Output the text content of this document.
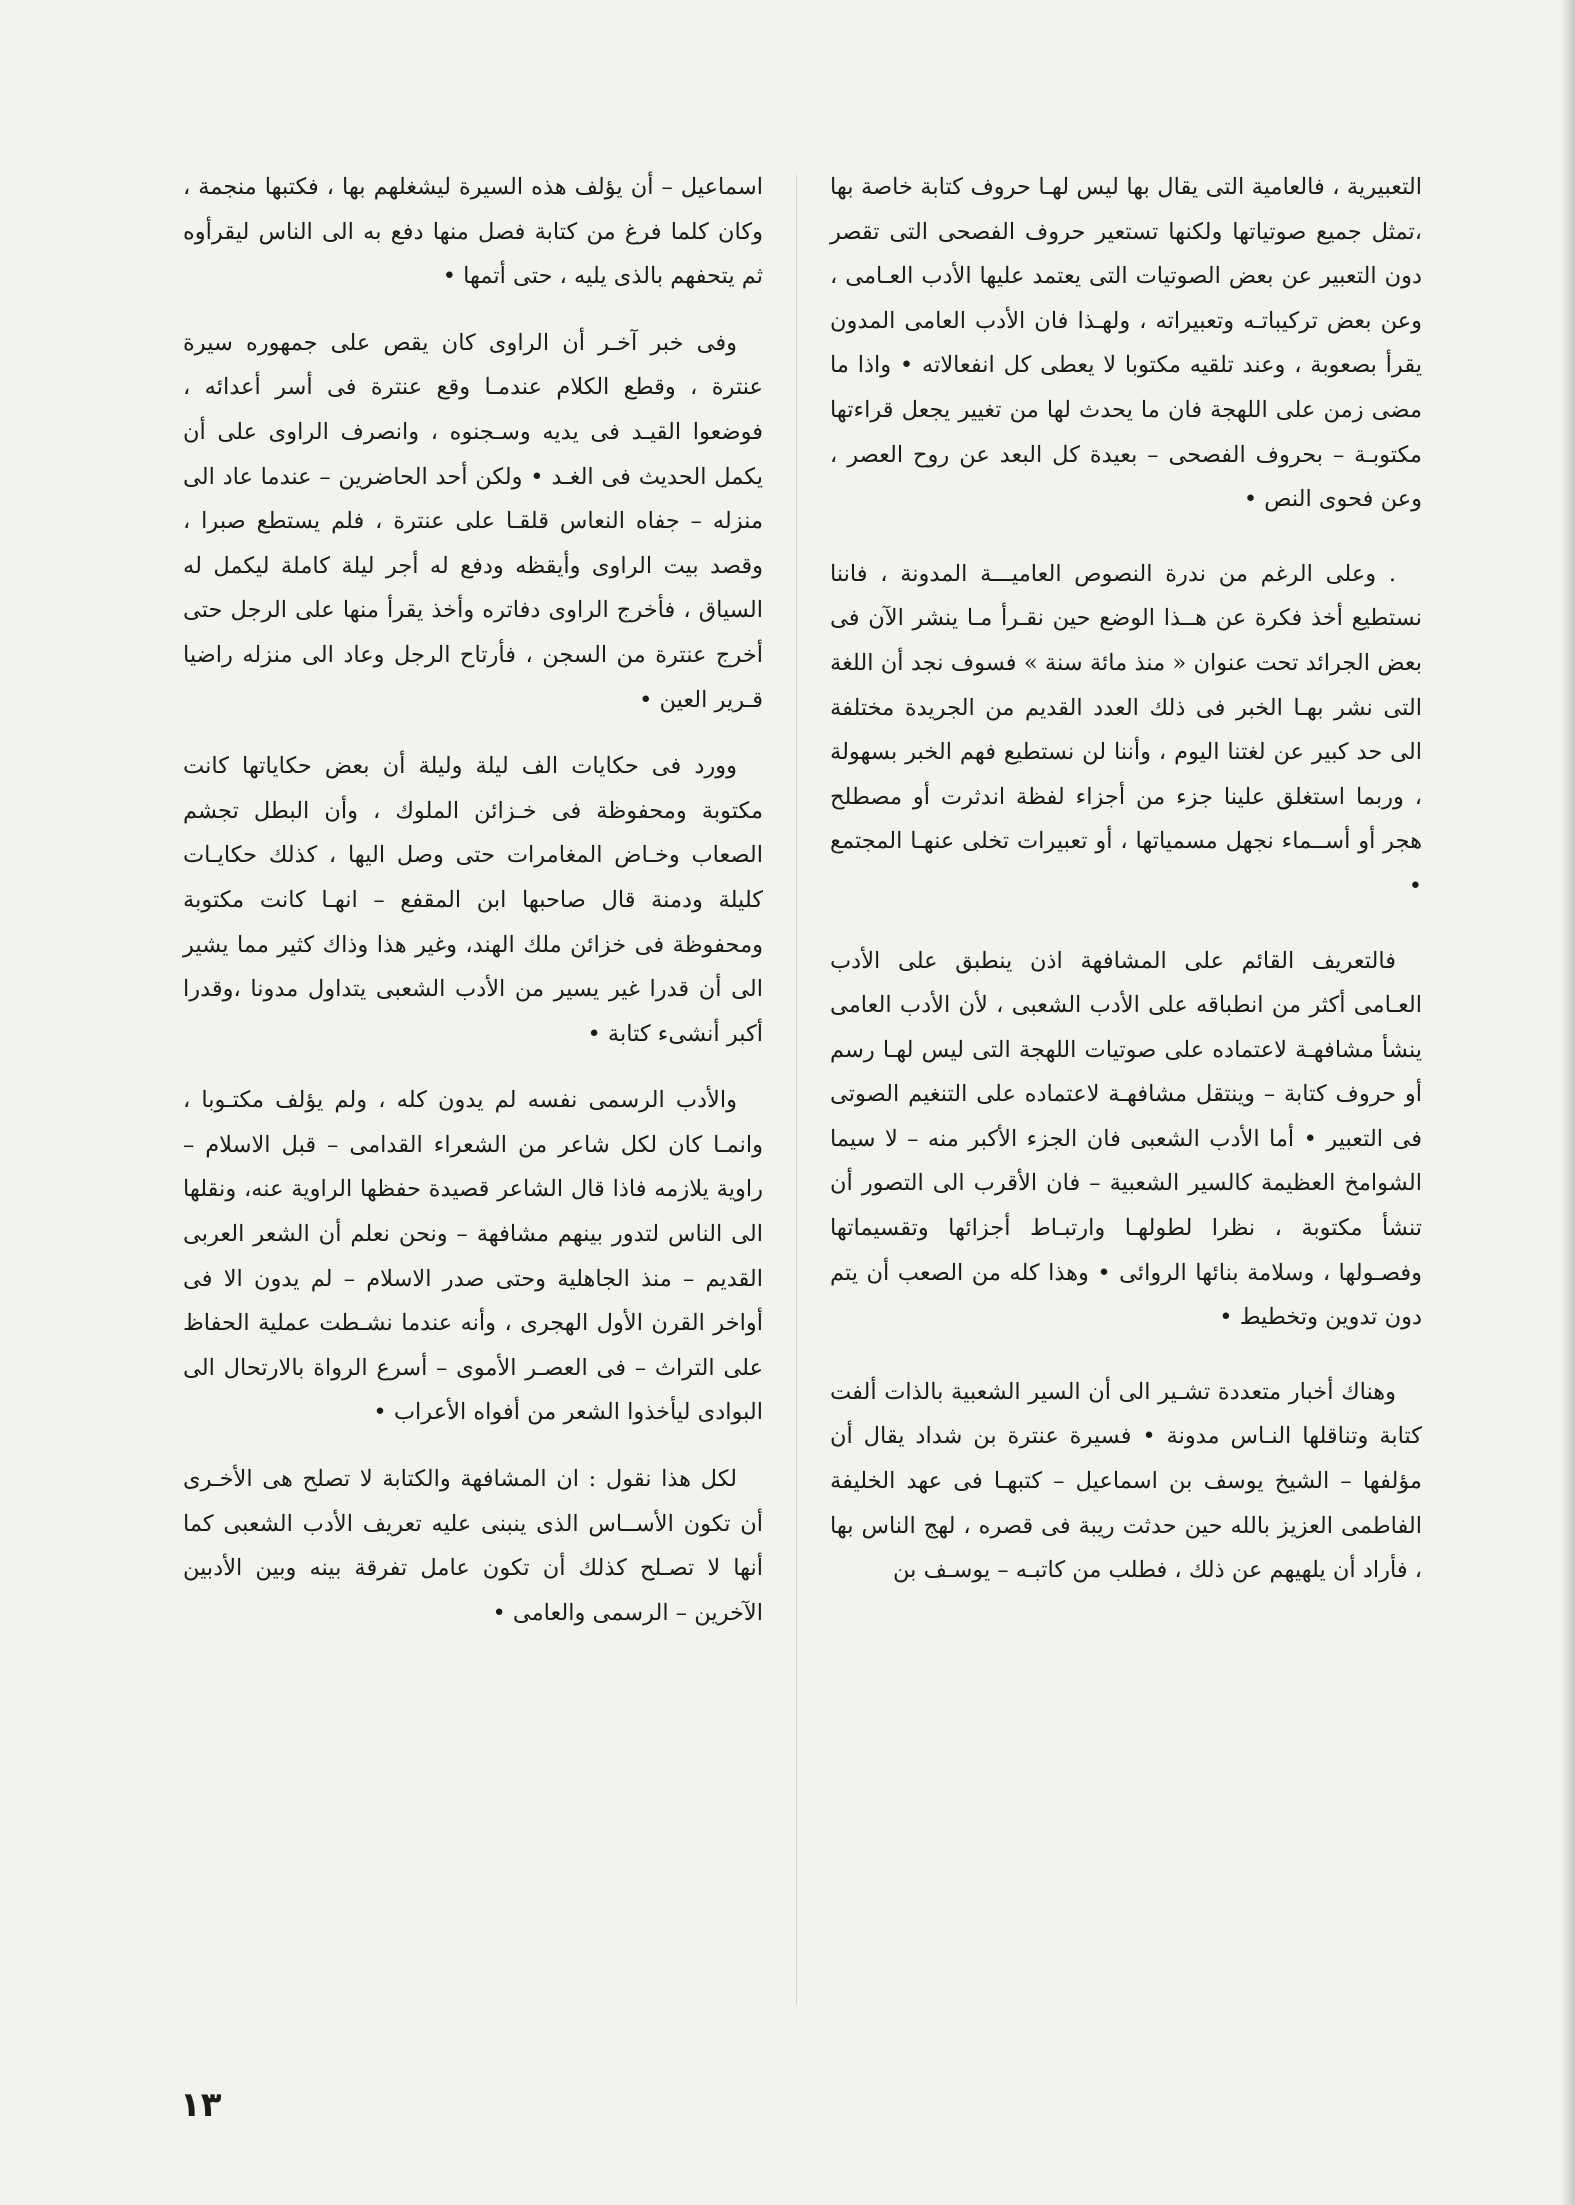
التعبيرية ، فالعامية التى يقال بها ليس لهـا حروف كتابة خاصة بها ،تمثل جميع صوتياتها ولكنها تستعير حروف الفصحى التى تقصر دون التعبير عن بعض الصوتيات التى يعتمد عليها الأدب العـامى ، وعن بعض تركيباتـه وتعبيراته ، ولهـذا فان الأدب العامى المدون يقرأ بصعوبة ، وعند تلقيه مكتوبا لا يعطى كل انفعالاته • واذا ما مضى زمن على اللهجة فان ما يحدث لها من تغيير يجعل قراءتها مكتوبـة – بحروف الفصحى – بعيدة كل البعد عن روح العصر ، وعن فحوى النص •

. وعلى الرغم من ندرة النصوص العاميـــة المدونة ، فاننا نستطيع أخذ فكرة عن هــذا الوضع حين نقـرأ مـا ينشر الآن فى بعض الجرائد تحت عنوان « منذ مائة سنة » فسوف نجد أن اللغة التى نشر بهـا الخبر فى ذلك العدد القديم من الجريدة مختلفة الى حد كبير عن لغتنا اليوم ، وأننا لن نستطيع فهم الخبر بسهولة ، وربما استغلق علينا جزء من أجزاء لفظة اندثرت أو مصطلح هجر أو أســماء نجهل مسمياتها ، أو تعبيرات تخلى عنهـا المجتمع •

فالتعريف القائم على المشافهة اذن ينطبق على الأدب العـامى أكثر من انطباقه على الأدب الشعبى ، لأن الأدب العامى ينشأ مشافهـة لاعتماده على صوتيات اللهجة التى ليس لهـا رسم أو حروف كتابة – وينتقل مشافهـة لاعتماده على التنغيم الصوتى فى التعبير • أما الأدب الشعبى فان الجزء الأكبر منه – لا سيما الشوامخ العظيمة كالسير الشعبية – فان الأقرب الى التصور أن تنشأ مكتوبة ، نظرا لطولهـا وارتبـاط أجزائها وتقسيماتها وفصـولها ، وسلامة بنائها الروائى • وهذا كله من الصعب أن يتم دون تدوين وتخطيط •

وهناك أخبار متعددة تشـير الى أن السير الشعبية بالذات ألفت كتابة وتناقلها النـاس مدونة • فسيرة عنترة بن شداد يقال أن مؤلفها – الشيخ يوسف بن اسماعيل – كتبهـا فى عهد الخليفة الفاطمى العزيز بالله حين حدثت ريبة فى قصره ، لهج الناس بها ، فأراد أن يلهيهم عن ذلك ، فطلب من كاتبـه – يوسـف بن

اسماعيل – أن يؤلف هذه السيرة ليشغلهم بها ، فكتبها منجمة ، وكان كلما فرغ من كتابة فصل منها دفع به الى الناس ليقرأوه ثم يتحفهم بالذى يليه ، حتى أتمها •

وفى خبر آخـر أن الراوى كان يقص على جمهوره سيرة عنترة ، وقطع الكلام عندمـا وقع عنترة فى أسر أعدائه ، فوضعوا القيـد فى يديه وسـجنوه ، وانصرف الراوى على أن يكمل الحديث فى الغـد • ولكن أحد الحاضرين – عندما عاد الى منزله – جفاه النعاس قلقـا على عنترة ، فلم يستطع صبرا ، وقصد بيت الراوى وأيقظه ودفع له أجر ليلة كاملة ليكمل له السياق ، فأخرج الراوى دفاتره وأخذ يقرأ منها على الرجل حتى أخرج عنترة من السجن ، فأرتاح الرجل وعاد الى منزله راضيا قـرير العين •

وورد فى حكايات الف ليلة وليلة أن بعض حكاياتها كانت مكتوبة ومحفوظة فى خـزائن الملوك ، وأن البطل تجشم الصعاب وخـاض المغامرات حتى وصل اليها ، كذلك حكايـات كليلة ودمنة قال صاحبها ابن المقفع – انهـا كانت مكتوبة ومحفوظة فى خزائن ملك الهند، وغير هذا وذاك كثير مما يشير الى أن قدرا غير يسير من الأدب الشعبى يتداول مدونا ،وقدرا أكبر أنشىء كتابة •

والأدب الرسمى نفسه لم يدون كله ، ولم يؤلف مكتـوبا ، وانمـا كان لكل شاعر من الشعراء القدامى – قبل الاسلام – راوية يلازمه فاذا قال الشاعر قصيدة حفظها الراوية عنه، ونقلها الى الناس لتدور بينهم مشافهة – ونحن نعلم أن الشعر العربى القديم – منذ الجاهلية وحتى صدر الاسلام – لم يدون الا فى أواخر القرن الأول الهجرى ، وأنه عندما نشـطت عملية الحفاظ على التراث – فى العصـر الأموى – أسرع الرواة بالارتحال الى البوادى ليأخذوا الشعر من أفواه الأعراب •

لكل هذا نقول : ان المشافهة والكتابة لا تصلح هى الأخـرى أن تكون الأســاس الذى ينبنى عليه تعريف الأدب الشعبى كما أنها لا تصـلح كذلك أن تكون عامل تفرقة بينه وبين الأدبين الآخرين – الرسمى والعامى •

١٣
